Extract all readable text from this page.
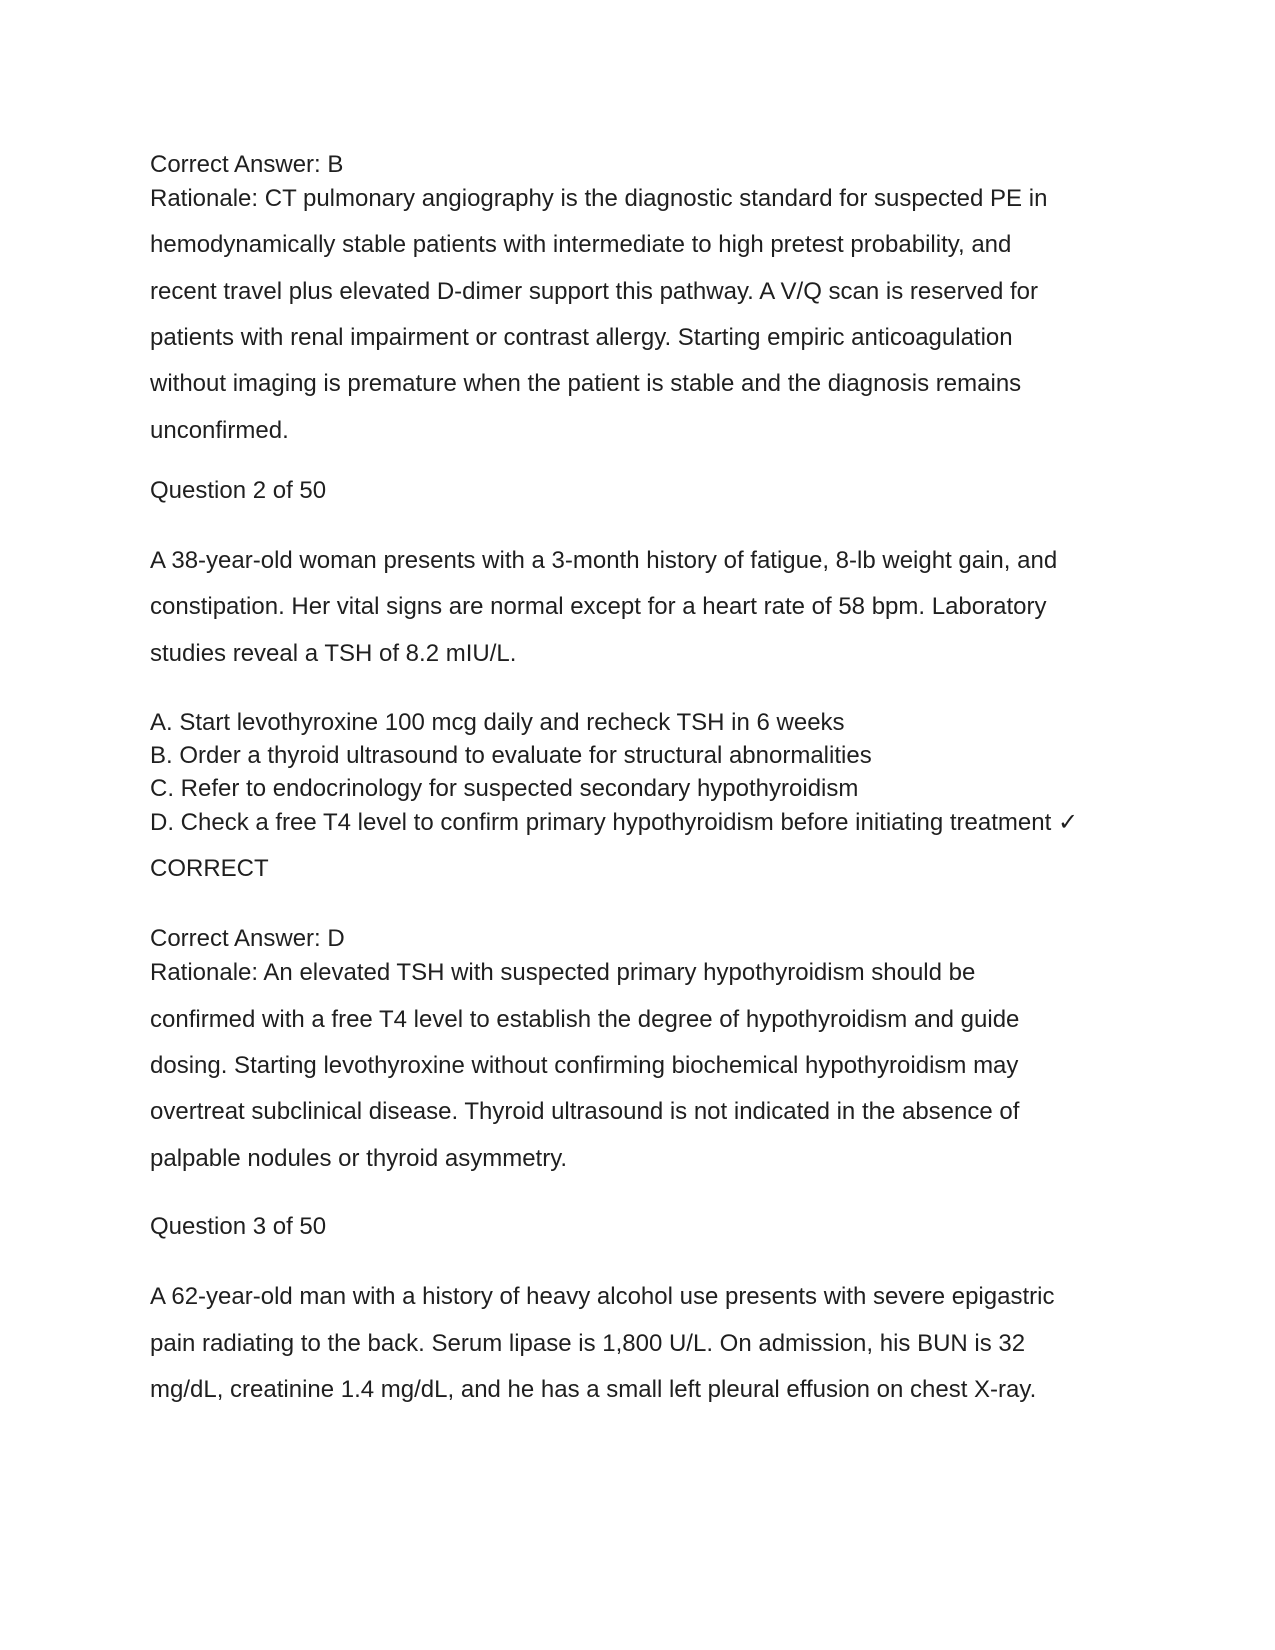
Correct Answer: B
Rationale: CT pulmonary angiography is the diagnostic standard for suspected PE in
hemodynamically stable patients with intermediate to high pretest probability, and
recent travel plus elevated D-dimer support this pathway. A V/Q scan is reserved for
patients with renal impairment or contrast allergy. Starting empiric anticoagulation
without imaging is premature when the patient is stable and the diagnosis remains
unconfirmed.
Question 2 of 50
A 38-year-old woman presents with a 3-month history of fatigue, 8-lb weight gain, and
constipation. Her vital signs are normal except for a heart rate of 58 bpm. Laboratory
studies reveal a TSH of 8.2 mIU/L.
A. Start levothyroxine 100 mcg daily and recheck TSH in 6 weeks
B. Order a thyroid ultrasound to evaluate for structural abnormalities
C. Refer to endocrinology for suspected secondary hypothyroidism
D. Check a free T4 level to confirm primary hypothyroidism before initiating treatment ✓
CORRECT
Correct Answer: D
Rationale: An elevated TSH with suspected primary hypothyroidism should be
confirmed with a free T4 level to establish the degree of hypothyroidism and guide
dosing. Starting levothyroxine without confirming biochemical hypothyroidism may
overtreat subclinical disease. Thyroid ultrasound is not indicated in the absence of
palpable nodules or thyroid asymmetry.
Question 3 of 50
A 62-year-old man with a history of heavy alcohol use presents with severe epigastric
pain radiating to the back. Serum lipase is 1,800 U/L. On admission, his BUN is 32
mg/dL, creatinine 1.4 mg/dL, and he has a small left pleural effusion on chest X-ray.
